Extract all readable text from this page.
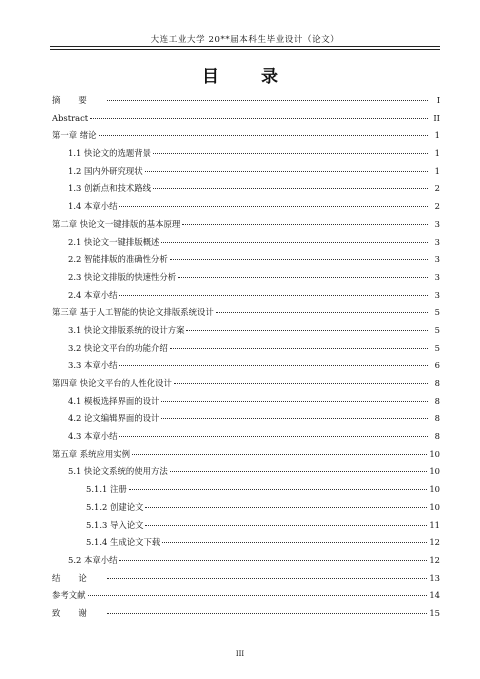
大连工业大学 20**届本科生毕业设计（论文）
目 录
摘要	I
Abstract	II
第一章 绪论	1
1.1 快论文的选题背景	1
1.2 国内外研究现状	1
1.3 创新点和技术路线	2
1.4 本章小结	2
第二章 快论文一键排版的基本原理	3
2.1 快论文一键排版概述	3
2.2 智能排版的准确性分析	3
2.3 快论文排版的快速性分析	3
2.4 本章小结	3
第三章 基于人工智能的快论文排版系统设计	5
3.1 快论文排版系统的设计方案	5
3.2 快论文平台的功能介绍	5
3.3 本章小结	6
第四章 快论文平台的人性化设计	8
4.1 模板选择界面的设计	8
4.2 论文编辑界面的设计	8
4.3 本章小结	8
第五章 系统应用实例	10
5.1 快论文系统的使用方法	10
5.1.1 注册	10
5.1.2 创建论文	10
5.1.3 导入论文	11
5.1.4 生成论文下载	12
5.2 本章小结	12
结论	13
参考文献	14
致谢	15
III
